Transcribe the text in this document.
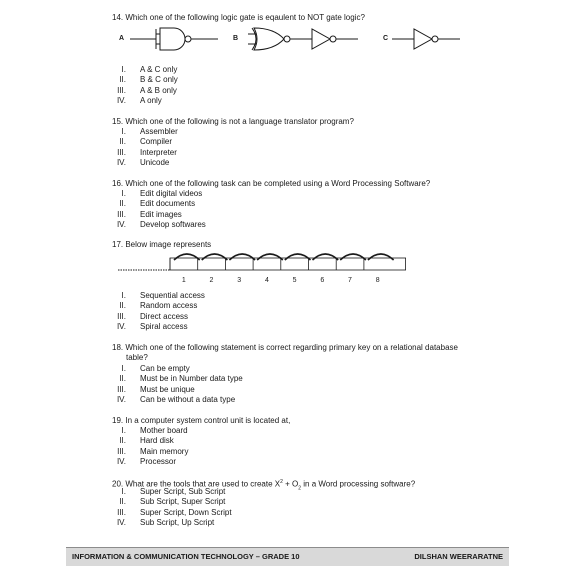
14. Which one of the following logic gate is eqaulent to NOT gate logic?
A	B	C
I. A & C only
II. B & C only
III. A & B only
IV. A only
15. Which one of the following is not a language translator program?
I. Assembler
II. Compiler
III. Interpreter
IV. Unicode
16. Which one of the following task can be completed using a Word Processing Software?
I. Edit digital videos
II. Edit documents
III. Edit images
IV. Develop softwares
17. Below image represents
1	2	3	4	5	6	7	8
I. Sequential access
II. Random access
III. Direct access
IV. Spiral access
18. Which one of the following statement is correct regarding primary key on a relational database table?
I. Can be empty
II. Must be in Number data type
III. Must be unique
IV. Can be without a data type
19. In a computer system control unit is located at,
I. Mother board
II. Hard disk
III. Main memory
IV. Processor
20. What are the tools that are used to create $X^2 + O_2$ in a Word processing software?
I. Super Script, Sub Script
II. Sub Script, Super Script
III. Super Script, Down Script
IV. Sub Script, Up Script
INFORMATION & COMMUNICATION TECHNOLOGY – GRADE 10	DILSHAN WEERARATNE
